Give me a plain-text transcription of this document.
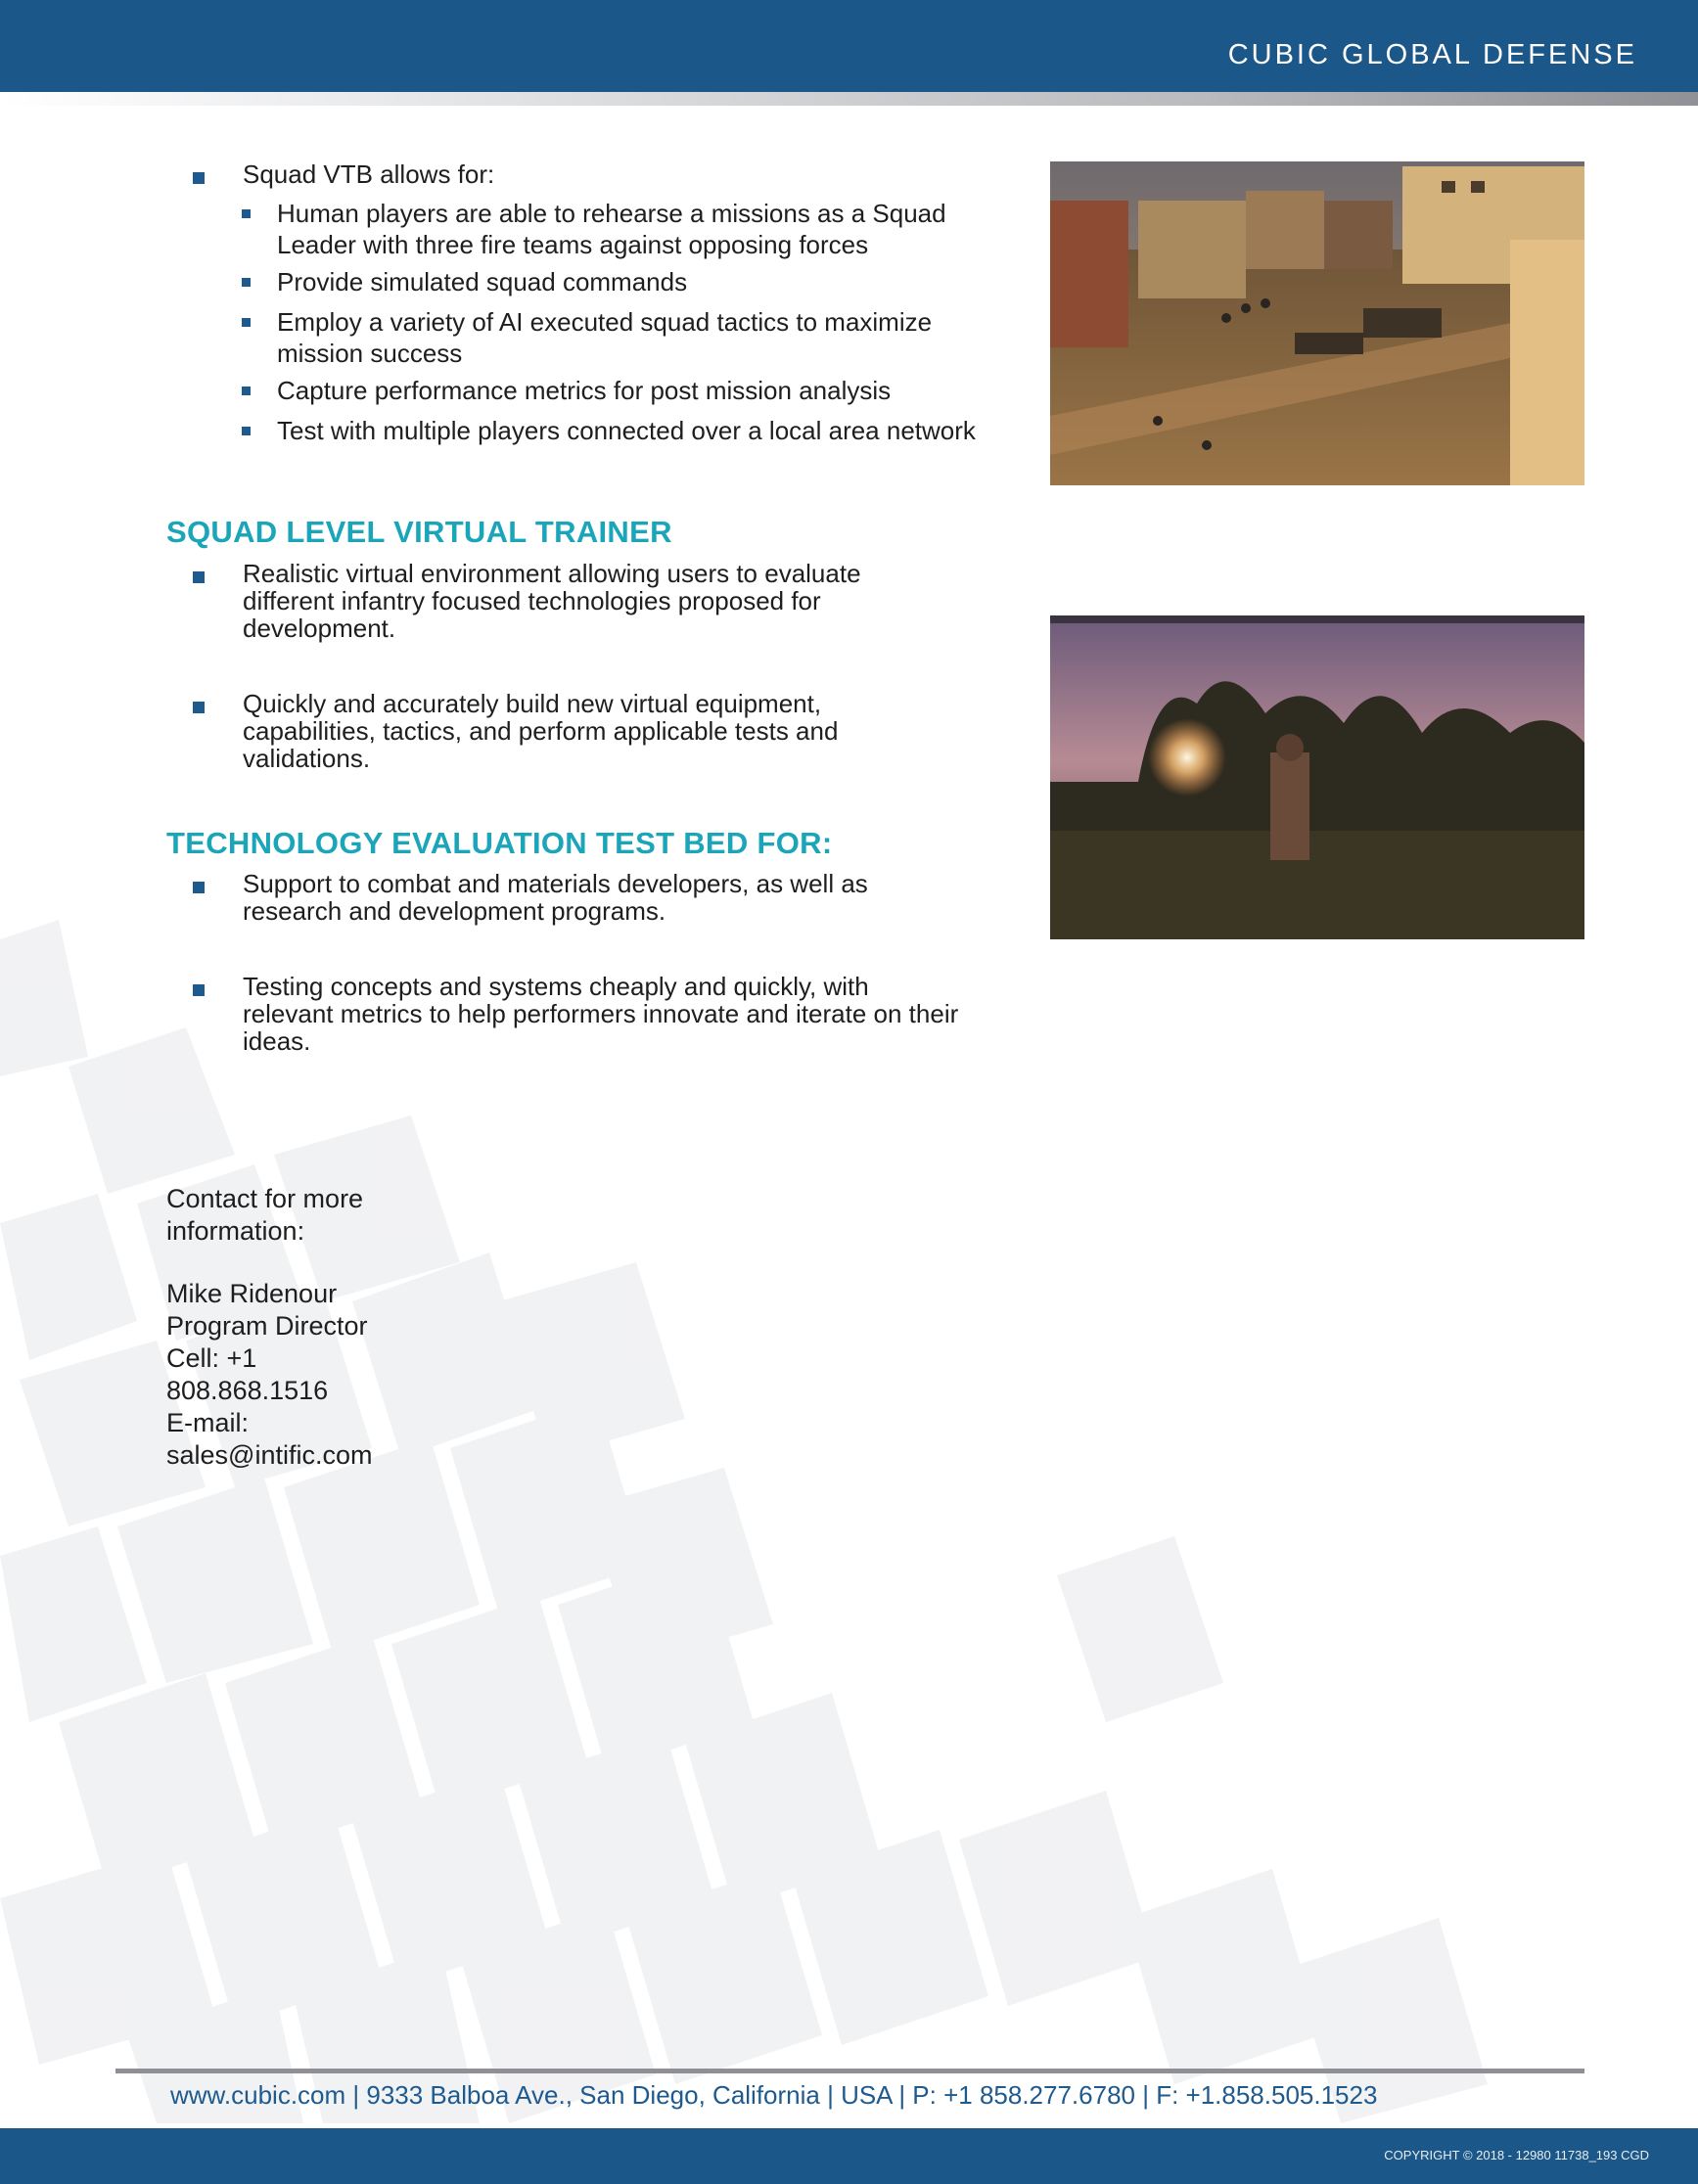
CUBIC GLOBAL DEFENSE
Squad VTB allows for:
Human players are able to rehearse a missions as a Squad Leader with three fire teams against opposing forces
Provide simulated squad commands
Employ a variety of AI executed squad tactics to maximize mission success
Capture performance metrics for post mission analysis
Test with multiple players connected over a local area network
SQUAD LEVEL VIRTUAL TRAINER
Realistic virtual environment allowing users to evaluate different infantry focused technologies proposed for development.
Quickly and accurately build new virtual equipment, capabilities, tactics, and perform applicable tests and validations.
TECHNOLOGY EVALUATION TEST BED FOR:
Support to combat and materials developers, as well as research and development programs.
Testing concepts and systems cheaply and quickly, with relevant metrics to help performers innovate and iterate on their ideas.
Contact for more information:
Mike Ridenour
Program Director
Cell: +1 808.868.1516
E-mail: sales@intific.com
www.cubic.com | 9333 Balboa Ave., San Diego, California | USA | P: +1 858.277.6780 | F: +1.858.505.1523
COPYRIGHT © 2018 - 12980 11738_193 CGD
